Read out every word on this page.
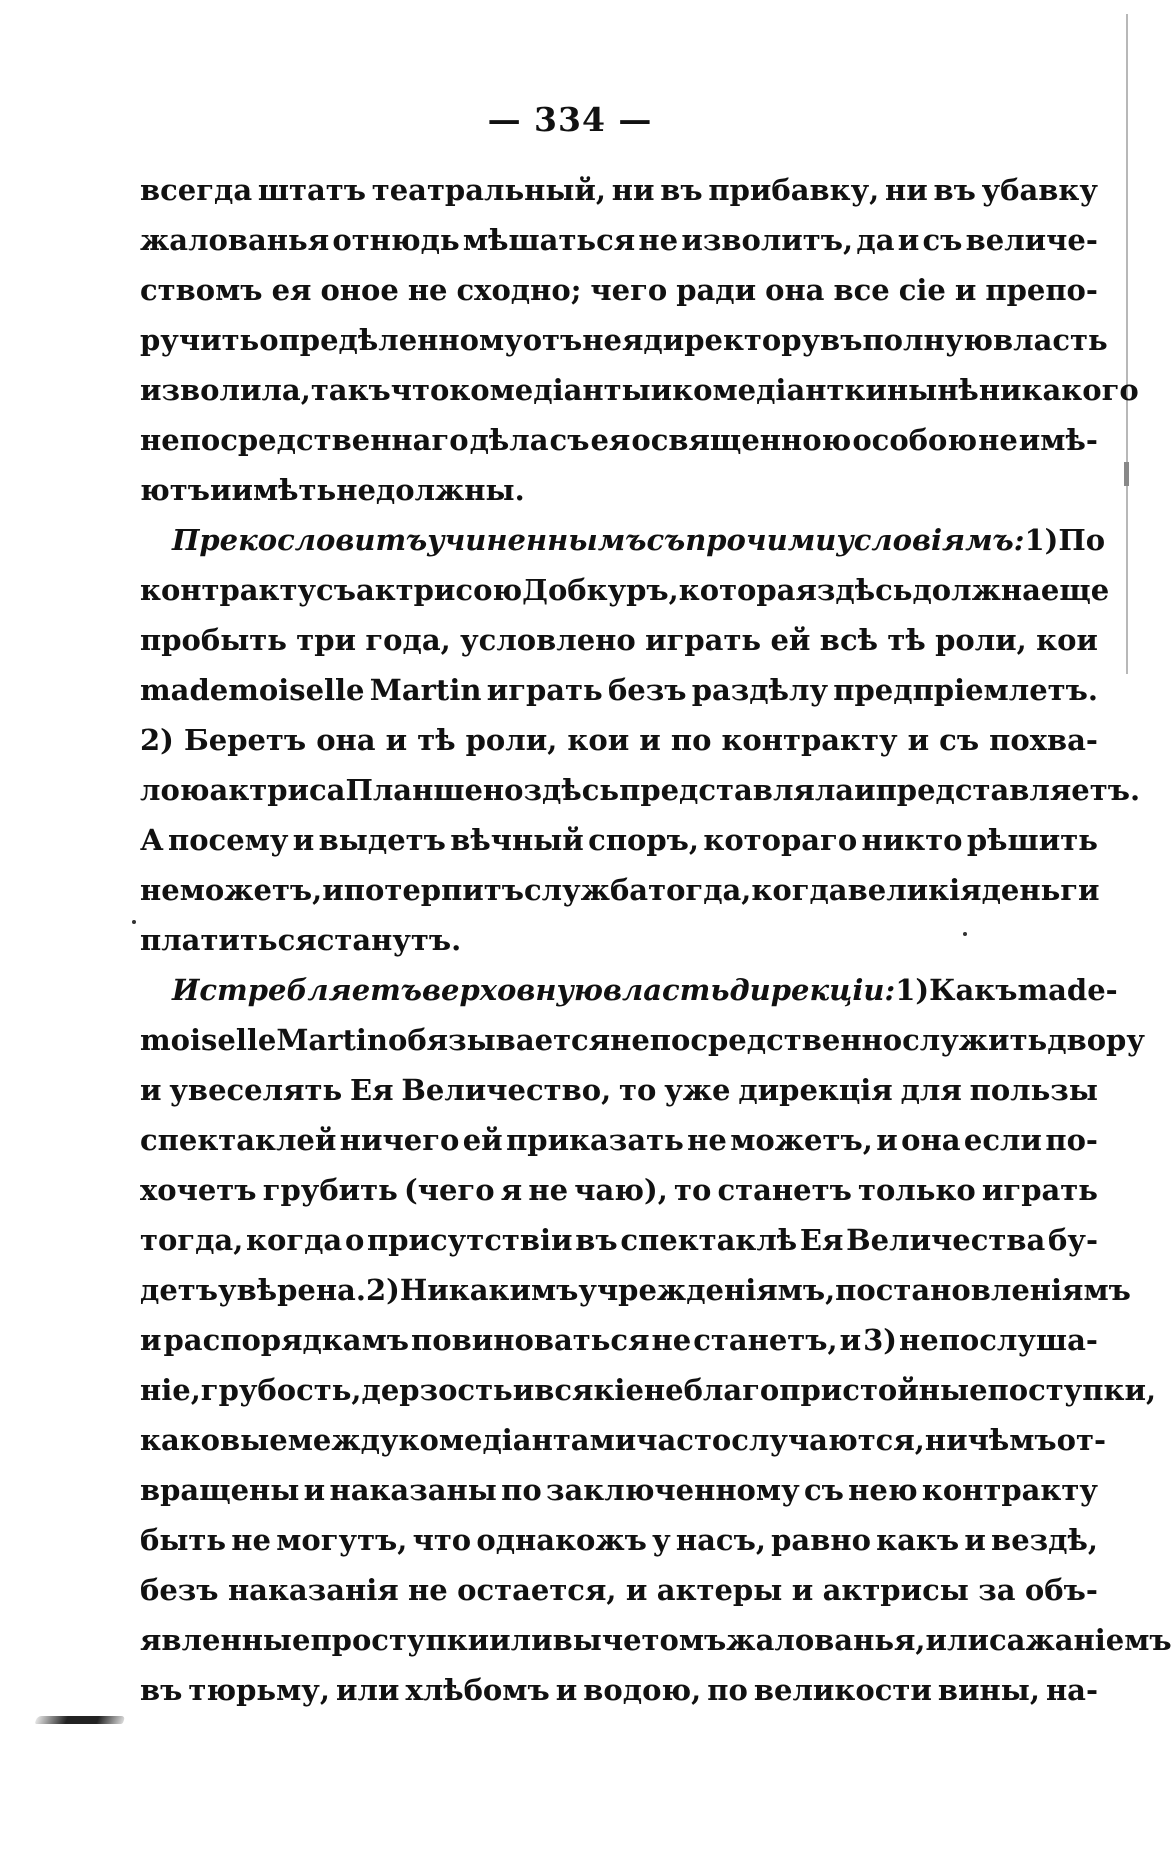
— 334 —
всегда штатъ театральный, ни въ прибавку, ни въ убавку
жалованья отнюдь мѣшаться не изволитъ, да и съ величе-
ствомъ ея оное не сходно; чего ради она все сіе и препо-
ручить опредѣленному отъ нея директору въ полную власть
изволила, такъ что комедіанты и комедіантки нынѣ никакого
непосредственнаго дѣла съ ея освященною особою не имѣ-
ютъ и имѣть не должны.
Прекословитъ учиненнымъ съ прочими условіямъ: 1) По
контракту съ актрисою Добкуръ, которая здѣсь должна еще
пробыть три года, условлено играть ей всѣ тѣ роли, кои
mademoiselle Martin играть безъ раздѣлу предпріемлетъ.
2) Беретъ она и тѣ роли, кои и по контракту и съ похва-
лою актриса Планшено здѣсь представляла и представляетъ.
А посему и выдетъ вѣчный споръ, котораго никто рѣшить
не можетъ, и потерпитъ служба тогда, когда великія деньги
платиться станутъ.
Истребляетъ верховную власть дирекціи: 1) Какъ made-
moiselle Martin обязывается непосредственно служить двору
и увеселять Ея Величество, то уже дирекція для пользы
спектаклей ничего ей приказать не можетъ, и она если по-
хочетъ грубить (чего я не чаю), то станетъ только играть
тогда, когда о присутствіи въ спектаклѣ Ея Величества бу-
детъ увѣрена. 2) Никакимъ учрежденіямъ, постановленіямъ
и распорядкамъ повиноваться не станетъ, и 3) непослуша-
ніе, грубость, дерзость и всякіе неблагопристойные поступки,
каковые между комедіантами часто случаются, ничѣмъ от-
вращены и наказаны по заключенному съ нею контракту
быть не могутъ, что однакожъ у насъ, равно какъ и вездѣ,
безъ наказанія не остается, и актеры и актрисы за объ-
явленные проступки или вычетомъ жалованья, или сажаніемъ
въ тюрьму, или хлѣбомъ и водою, по великости вины, на-
